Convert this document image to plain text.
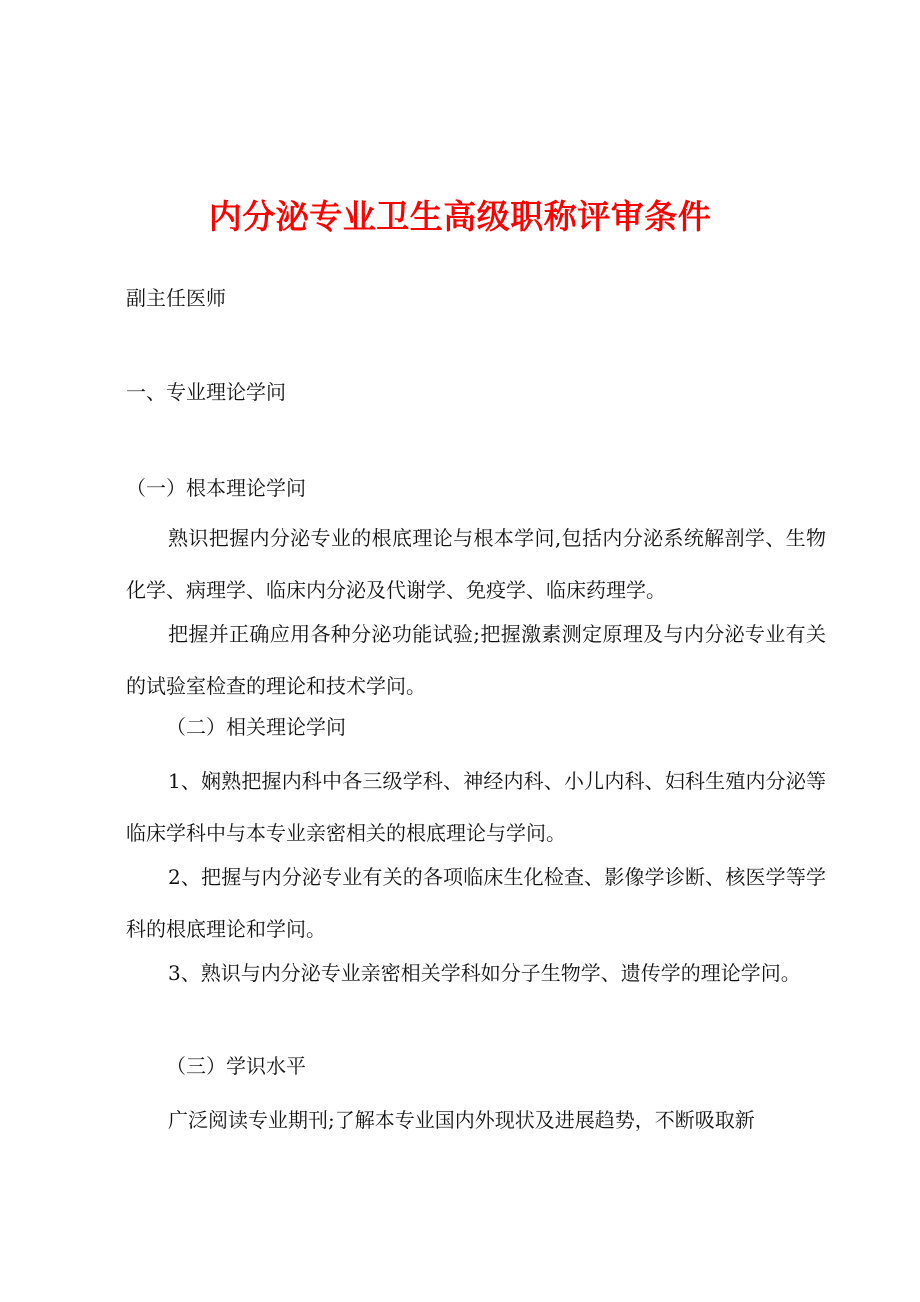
内分泌专业卫生高级职称评审条件
副主任医师
一、专业理论学问
（一）根本理论学问
熟识把握内分泌专业的根底理论与根本学问,包括内分泌系统解剖学、生物化学、病理学、临床内分泌及代谢学、免疫学、临床药理学。
把握并正确应用各种分泌功能试验;把握激素测定原理及与内分泌专业有关的试验室检查的理论和技术学问。
（二）相关理论学问
1、娴熟把握内科中各三级学科、神经内科、小儿内科、妇科生殖内分泌等临床学科中与本专业亲密相关的根底理论与学问。
2、把握与内分泌专业有关的各项临床生化检查、影像学诊断、核医学等学科的根底理论和学问。
3、熟识与内分泌专业亲密相关学科如分子生物学、遗传学的理论学问。
（三）学识水平
广泛阅读专业期刊;了解本专业国内外现状及进展趋势，不断吸取新
